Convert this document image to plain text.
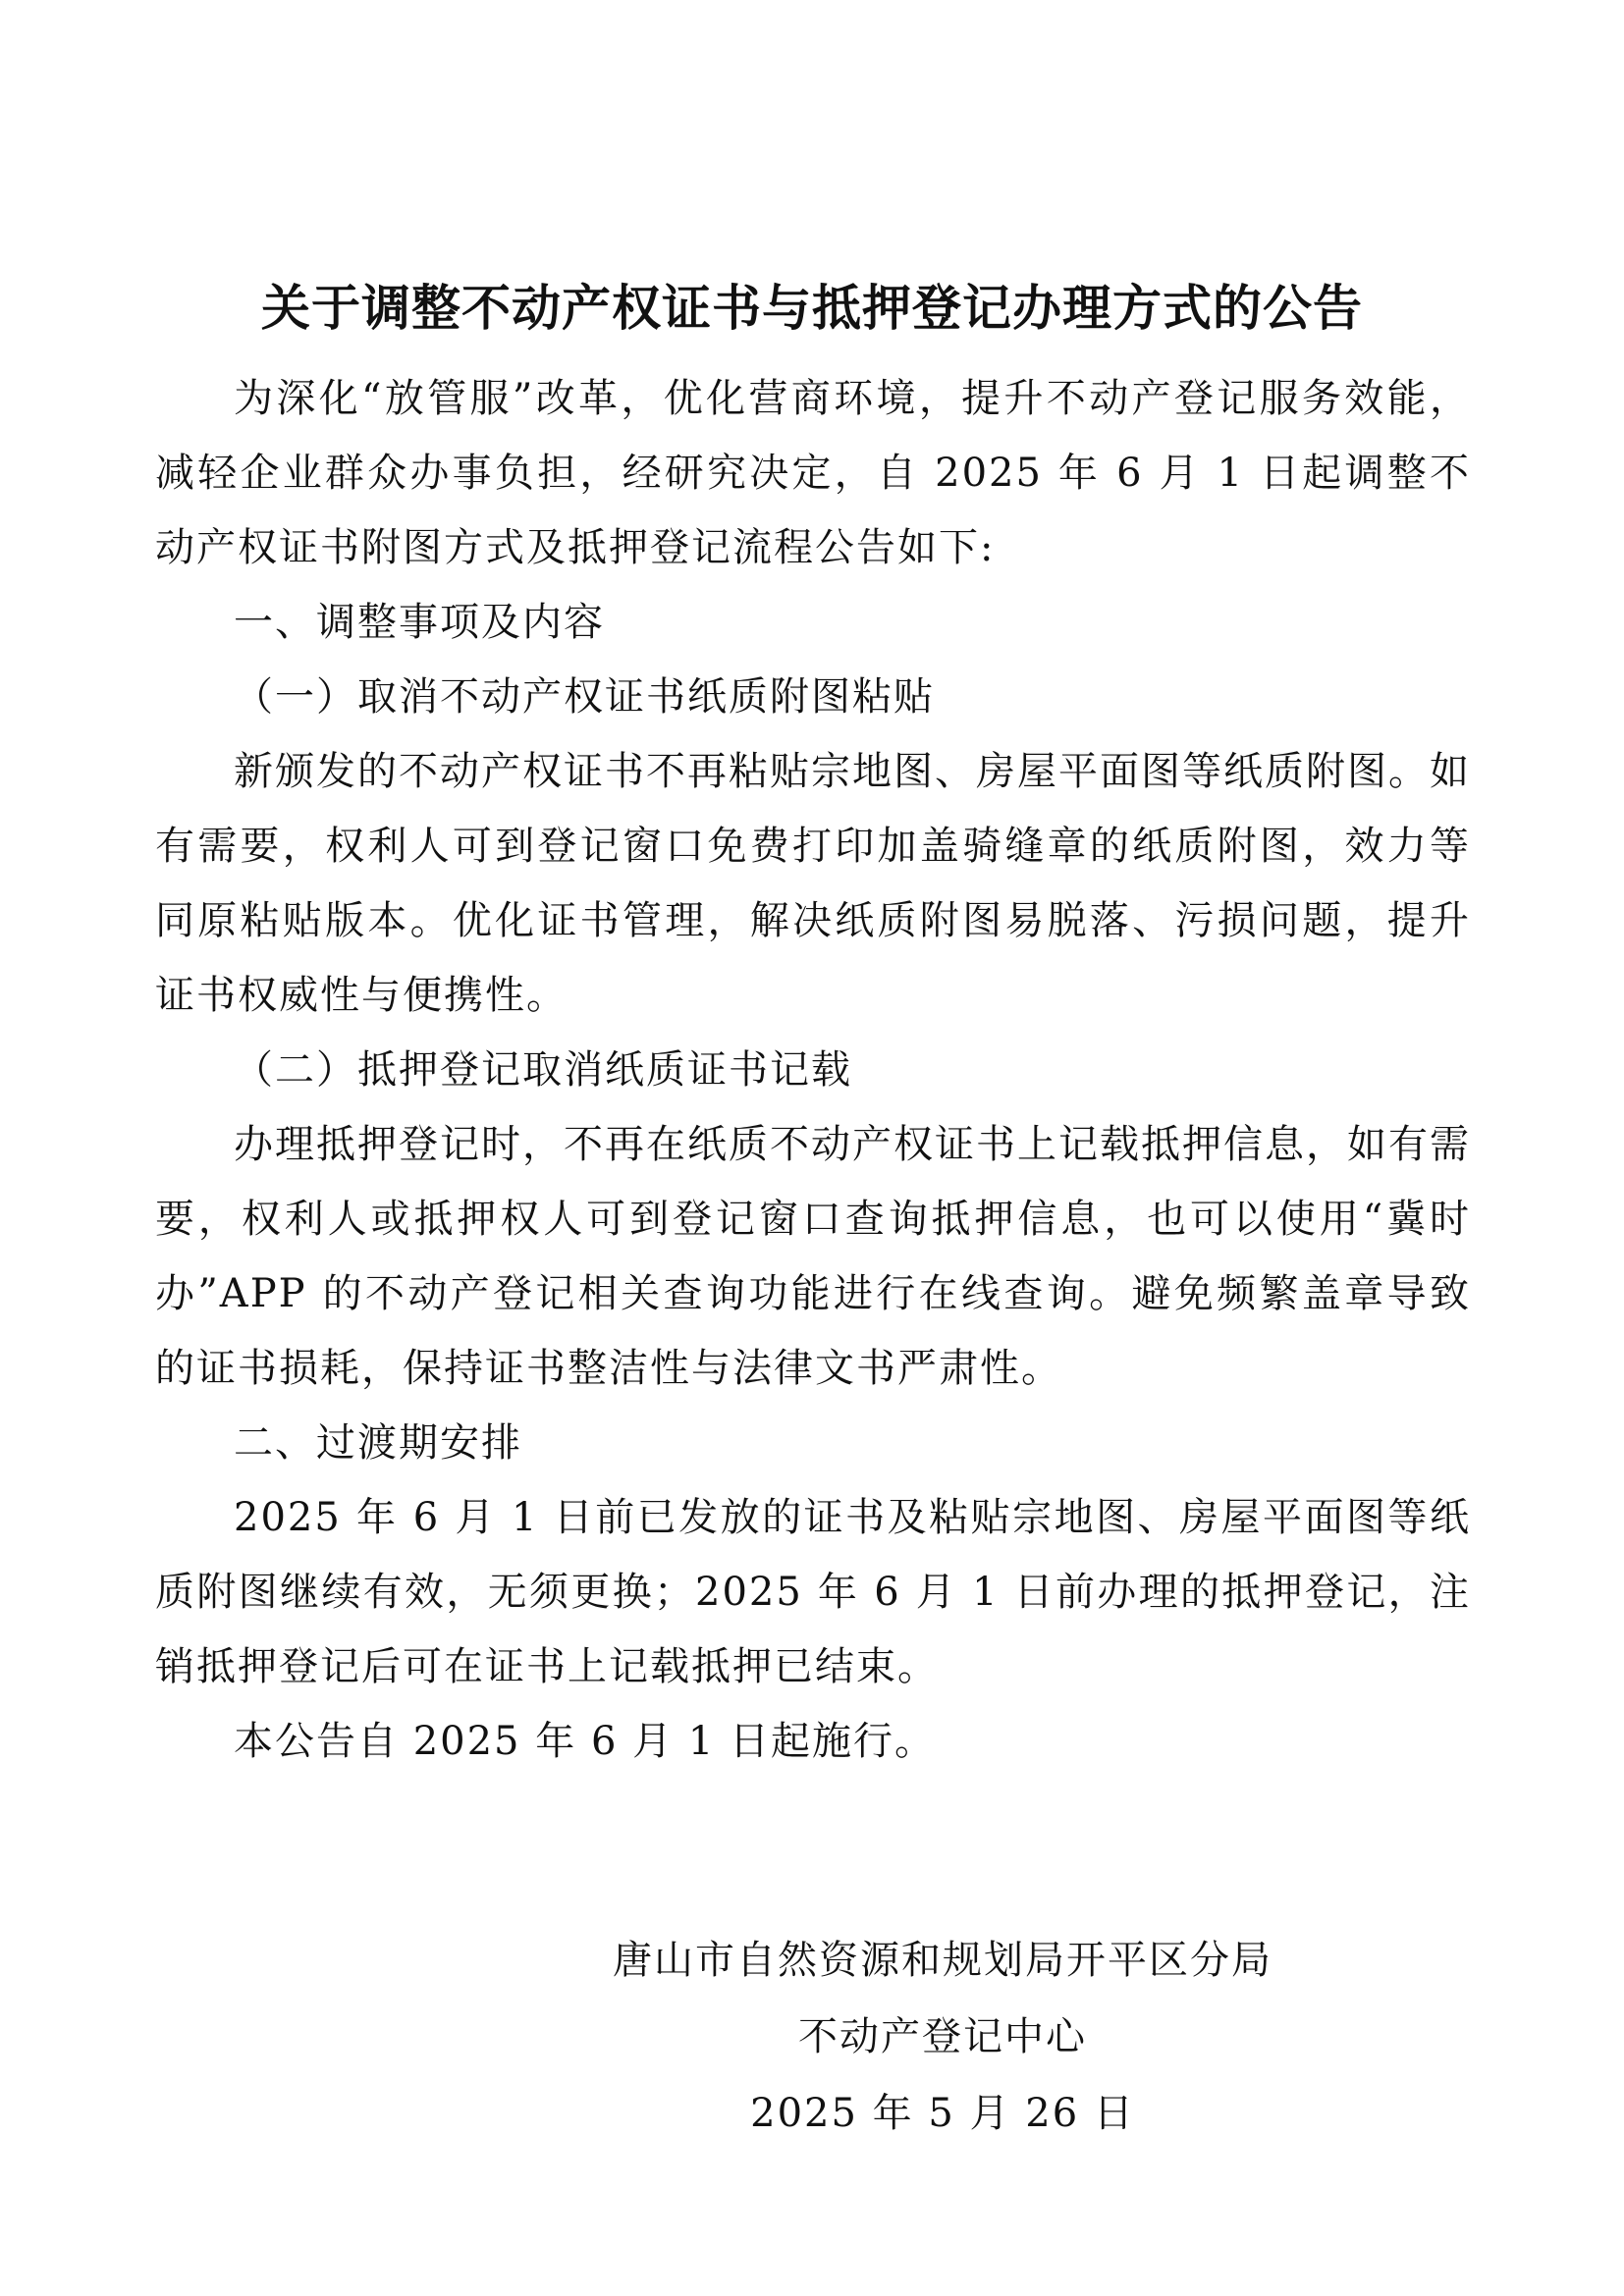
关于调整不动产权证书与抵押登记办理方式的公告

为深化“放管服”改革，优化营商环境，提升不动产登记服务效能，减轻企业群众办事负担，经研究决定，自 2025 年 6 月 1 日起调整不动产权证书附图方式及抵押登记流程公告如下:

一、调整事项及内容

（一）取消不动产权证书纸质附图粘贴

新颁发的不动产权证书不再粘贴宗地图、房屋平面图等纸质附图。如有需要，权利人可到登记窗口免费打印加盖骑缝章的纸质附图，效力等同原粘贴版本。优化证书管理，解决纸质附图易脱落、污损问题，提升证书权威性与便携性。

（二）抵押登记取消纸质证书记载

办理抵押登记时，不再在纸质不动产权证书上记载抵押信息，如有需要，权利人或抵押权人可到登记窗口查询抵押信息，也可以使用“冀时办”APP 的不动产登记相关查询功能进行在线查询。避免频繁盖章导致的证书损耗，保持证书整洁性与法律文书严肃性。

二、过渡期安排

2025 年 6 月 1 日前已发放的证书及粘贴宗地图、房屋平面图等纸质附图继续有效，无须更换；2025 年 6 月 1 日前办理的抵押登记，注销抵押登记后可在证书上记载抵押已结束。

本公告自 2025 年 6 月 1 日起施行。

唐山市自然资源和规划局开平区分局
不动产登记中心
2025 年 5 月 26 日
